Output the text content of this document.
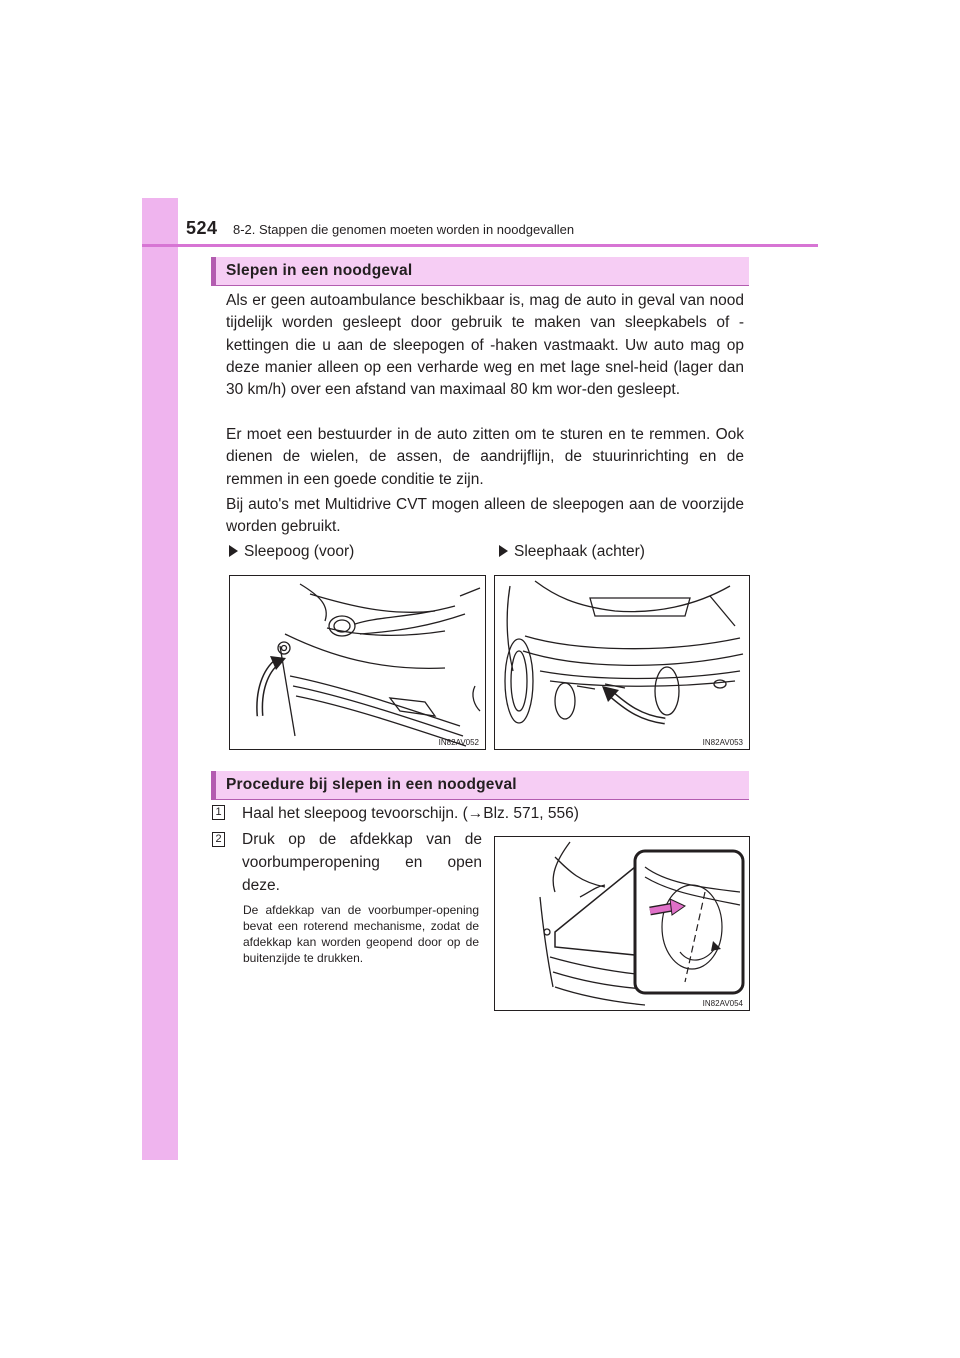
524 8-2. Stappen die genomen moeten worden in noodgevallen
Slepen in een noodgeval
Als er geen autoambulance beschikbaar is, mag de auto in geval van nood tijdelijk worden gesleept door gebruik te maken van sleepkabels of -kettingen die u aan de sleepogen of -haken vastmaakt. Uw auto mag op deze manier alleen op een verharde weg en met lage snel-heid (lager dan 30 km/h) over een afstand van maximaal 80 km wor-den gesleept.
Er moet een bestuurder in de auto zitten om te sturen en te remmen. Ook dienen de wielen, de assen, de aandrijflijn, de stuurinrichting en de remmen in een goede conditie te zijn.
Bij auto's met Multidrive CVT mogen alleen de sleepogen aan de voorzijde worden gebruikt.
Sleepoog (voor)	Sleephaak (achter)
IN82AV052	IN82AV053
Procedure bij slepen in een noodgeval
1 Haal het sleepoog tevoorschijn. (→Blz. 571, 556)
2 Druk op de afdekkap van de
voorbumperopening en open
deze.
De afdekkap van de voorbumper-opening bevat een roterend mechanisme, zodat de afdekkap kan worden geopend door op de buitenzijde te drukken.
IN82AV054
